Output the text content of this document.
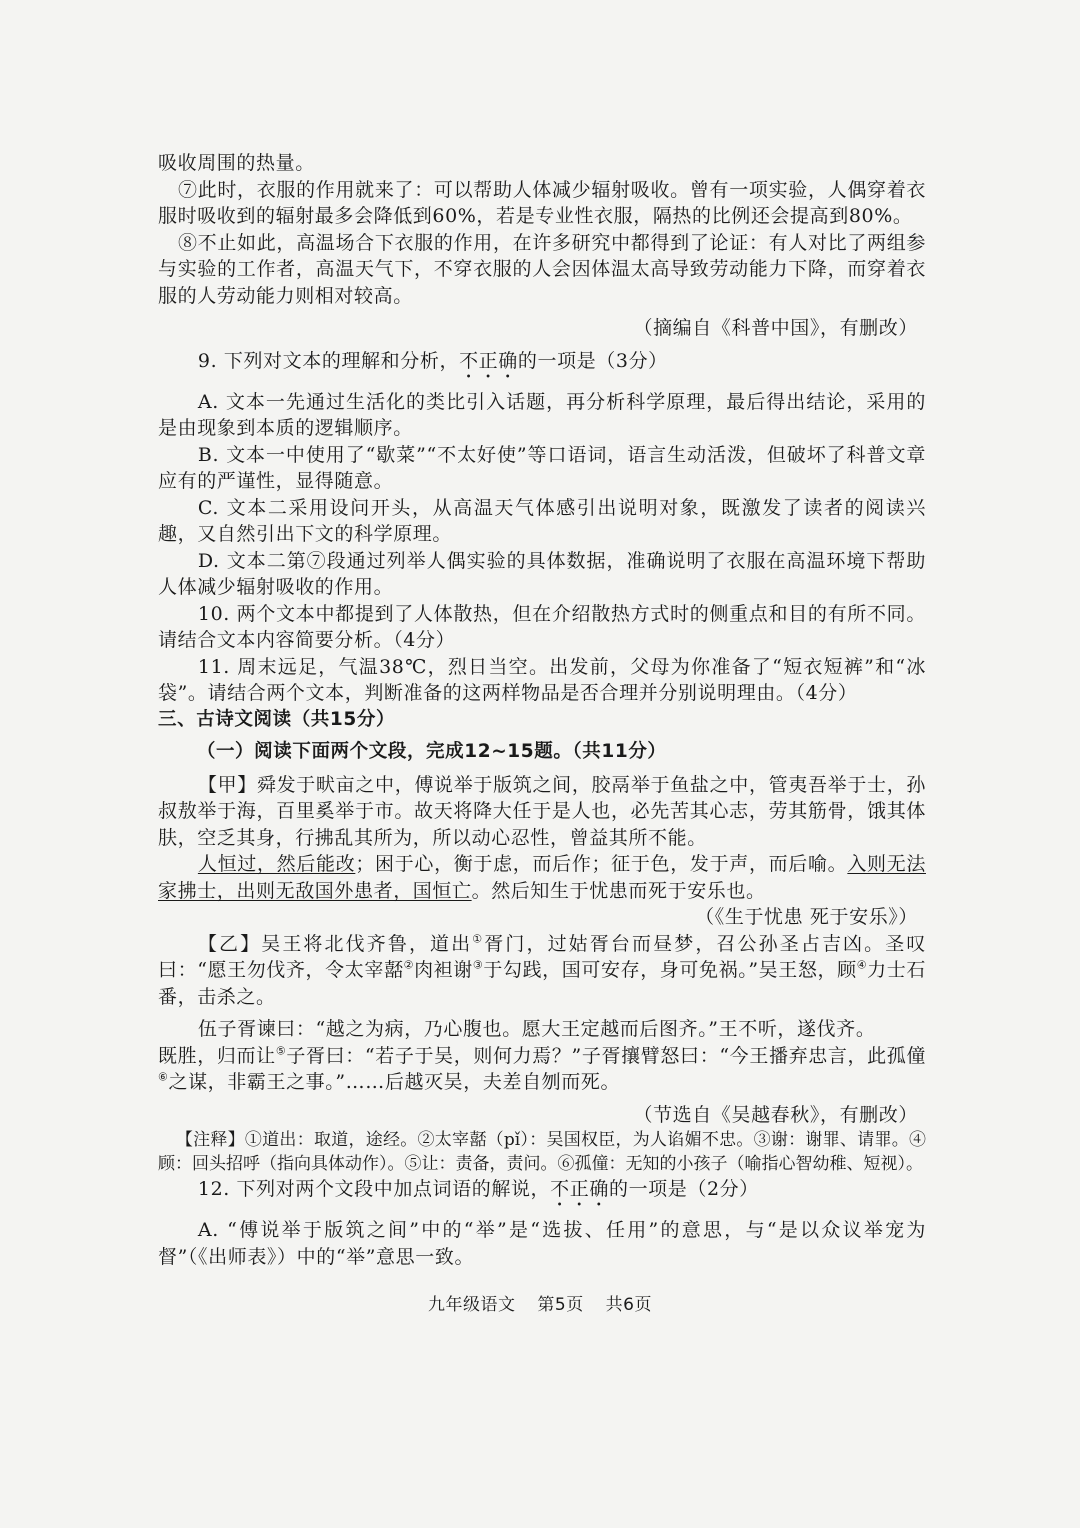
吸收周围的热量。

⑦此时，衣服的作用就来了：可以帮助人体减少辐射吸收。曾有一项实验，人偶穿着衣服时吸收到的辐射最多会降低到60%，若是专业性衣服，隔热的比例还会提高到80%。

⑧不止如此，高温场合下衣服的作用，在许多研究中都得到了论证：有人对比了两组参与实验的工作者，高温天气下，不穿衣服的人会因体温太高导致劳动能力下降，而穿着衣服的人劳动能力则相对较高。

（摘编自《科普中国》，有删改）

9. 下列对文本的理解和分析，不正确的一项是（3分）

A. 文本一先通过生活化的类比引入话题，再分析科学原理，最后得出结论，采用的是由现象到本质的逻辑顺序。

B. 文本一中使用了“歇菜”“不太好使”等口语词，语言生动活泼，但破坏了科普文章应有的严谨性，显得随意。

C. 文本二采用设问开头，从高温天气体感引出说明对象，既激发了读者的阅读兴趣，又自然引出下文的科学原理。

D. 文本二第⑦段通过列举人偶实验的具体数据，准确说明了衣服在高温环境下帮助人体减少辐射吸收的作用。

10. 两个文本中都提到了人体散热，但在介绍散热方式时的侧重点和目的有所不同。请结合文本内容简要分析。（4分）

11. 周末远足，气温38℃，烈日当空。出发前，父母为你准备了“短衣短裤”和“冰袋”。请结合两个文本，判断准备的这两样物品是否合理并分别说明理由。（4分）

三、古诗文阅读（共15分）

（一）阅读下面两个文段，完成12~15题。（共11分）

【甲】舜发于畎亩之中，傅说举于版筑之间，胶鬲举于鱼盐之中，管夷吾举于士，孙叔敖举于海，百里奚举于市。故天将降大任于是人也，必先苦其心志，劳其筋骨，饿其体肤，空乏其身，行拂乱其所为，所以动心忍性，曾益其所不能。

人恒过，然后能改；困于心，衡于虑，而后作；征于色，发于声，而后喻。入则无法家拂士，出则无敌国外患者，国恒亡。然后知生于忧患而死于安乐也。

（《生于忧患 死于安乐》）

【乙】吴王将北伐齐鲁，道出①胥门，过姑胥台而昼梦，召公孙圣占吉凶。圣叹曰：“愿王勿伐齐，令太宰嚭②肉袒谢③于勾践，国可安存，身可免祸。”吴王怒，顾④力士石番，击杀之。

伍子胥谏曰：“越之为病，乃心腹也。愿大王定越而后图齐。”王不听，遂伐齐。

既胜，归而让⑤子胥曰：“若子于吴，则何力焉？”子胥攘臂怒曰：“今王播弃忠言，此孤僮⑥之谋，非霸王之事。”……后越灭吴，夫差自刎而死。

（节选自《吴越春秋》，有删改）

【注释】①道出：取道，途经。②太宰嚭（pǐ）：吴国权臣，为人谄媚不忠。③谢：谢罪、请罪。④顾：回头招呼（指向具体动作）。⑤让：责备，责问。⑥孤僮：无知的小孩子（喻指心智幼稚、短视）。

12. 下列对两个文段中加点词语的解说，不正确的一项是（2分）

A. “傅说举于版筑之间”中的“举”是“选拔、任用”的意思，与“是以众议举宠为督”（《出师表》）中的“举”意思一致。

九年级语文 第5页 共6页
